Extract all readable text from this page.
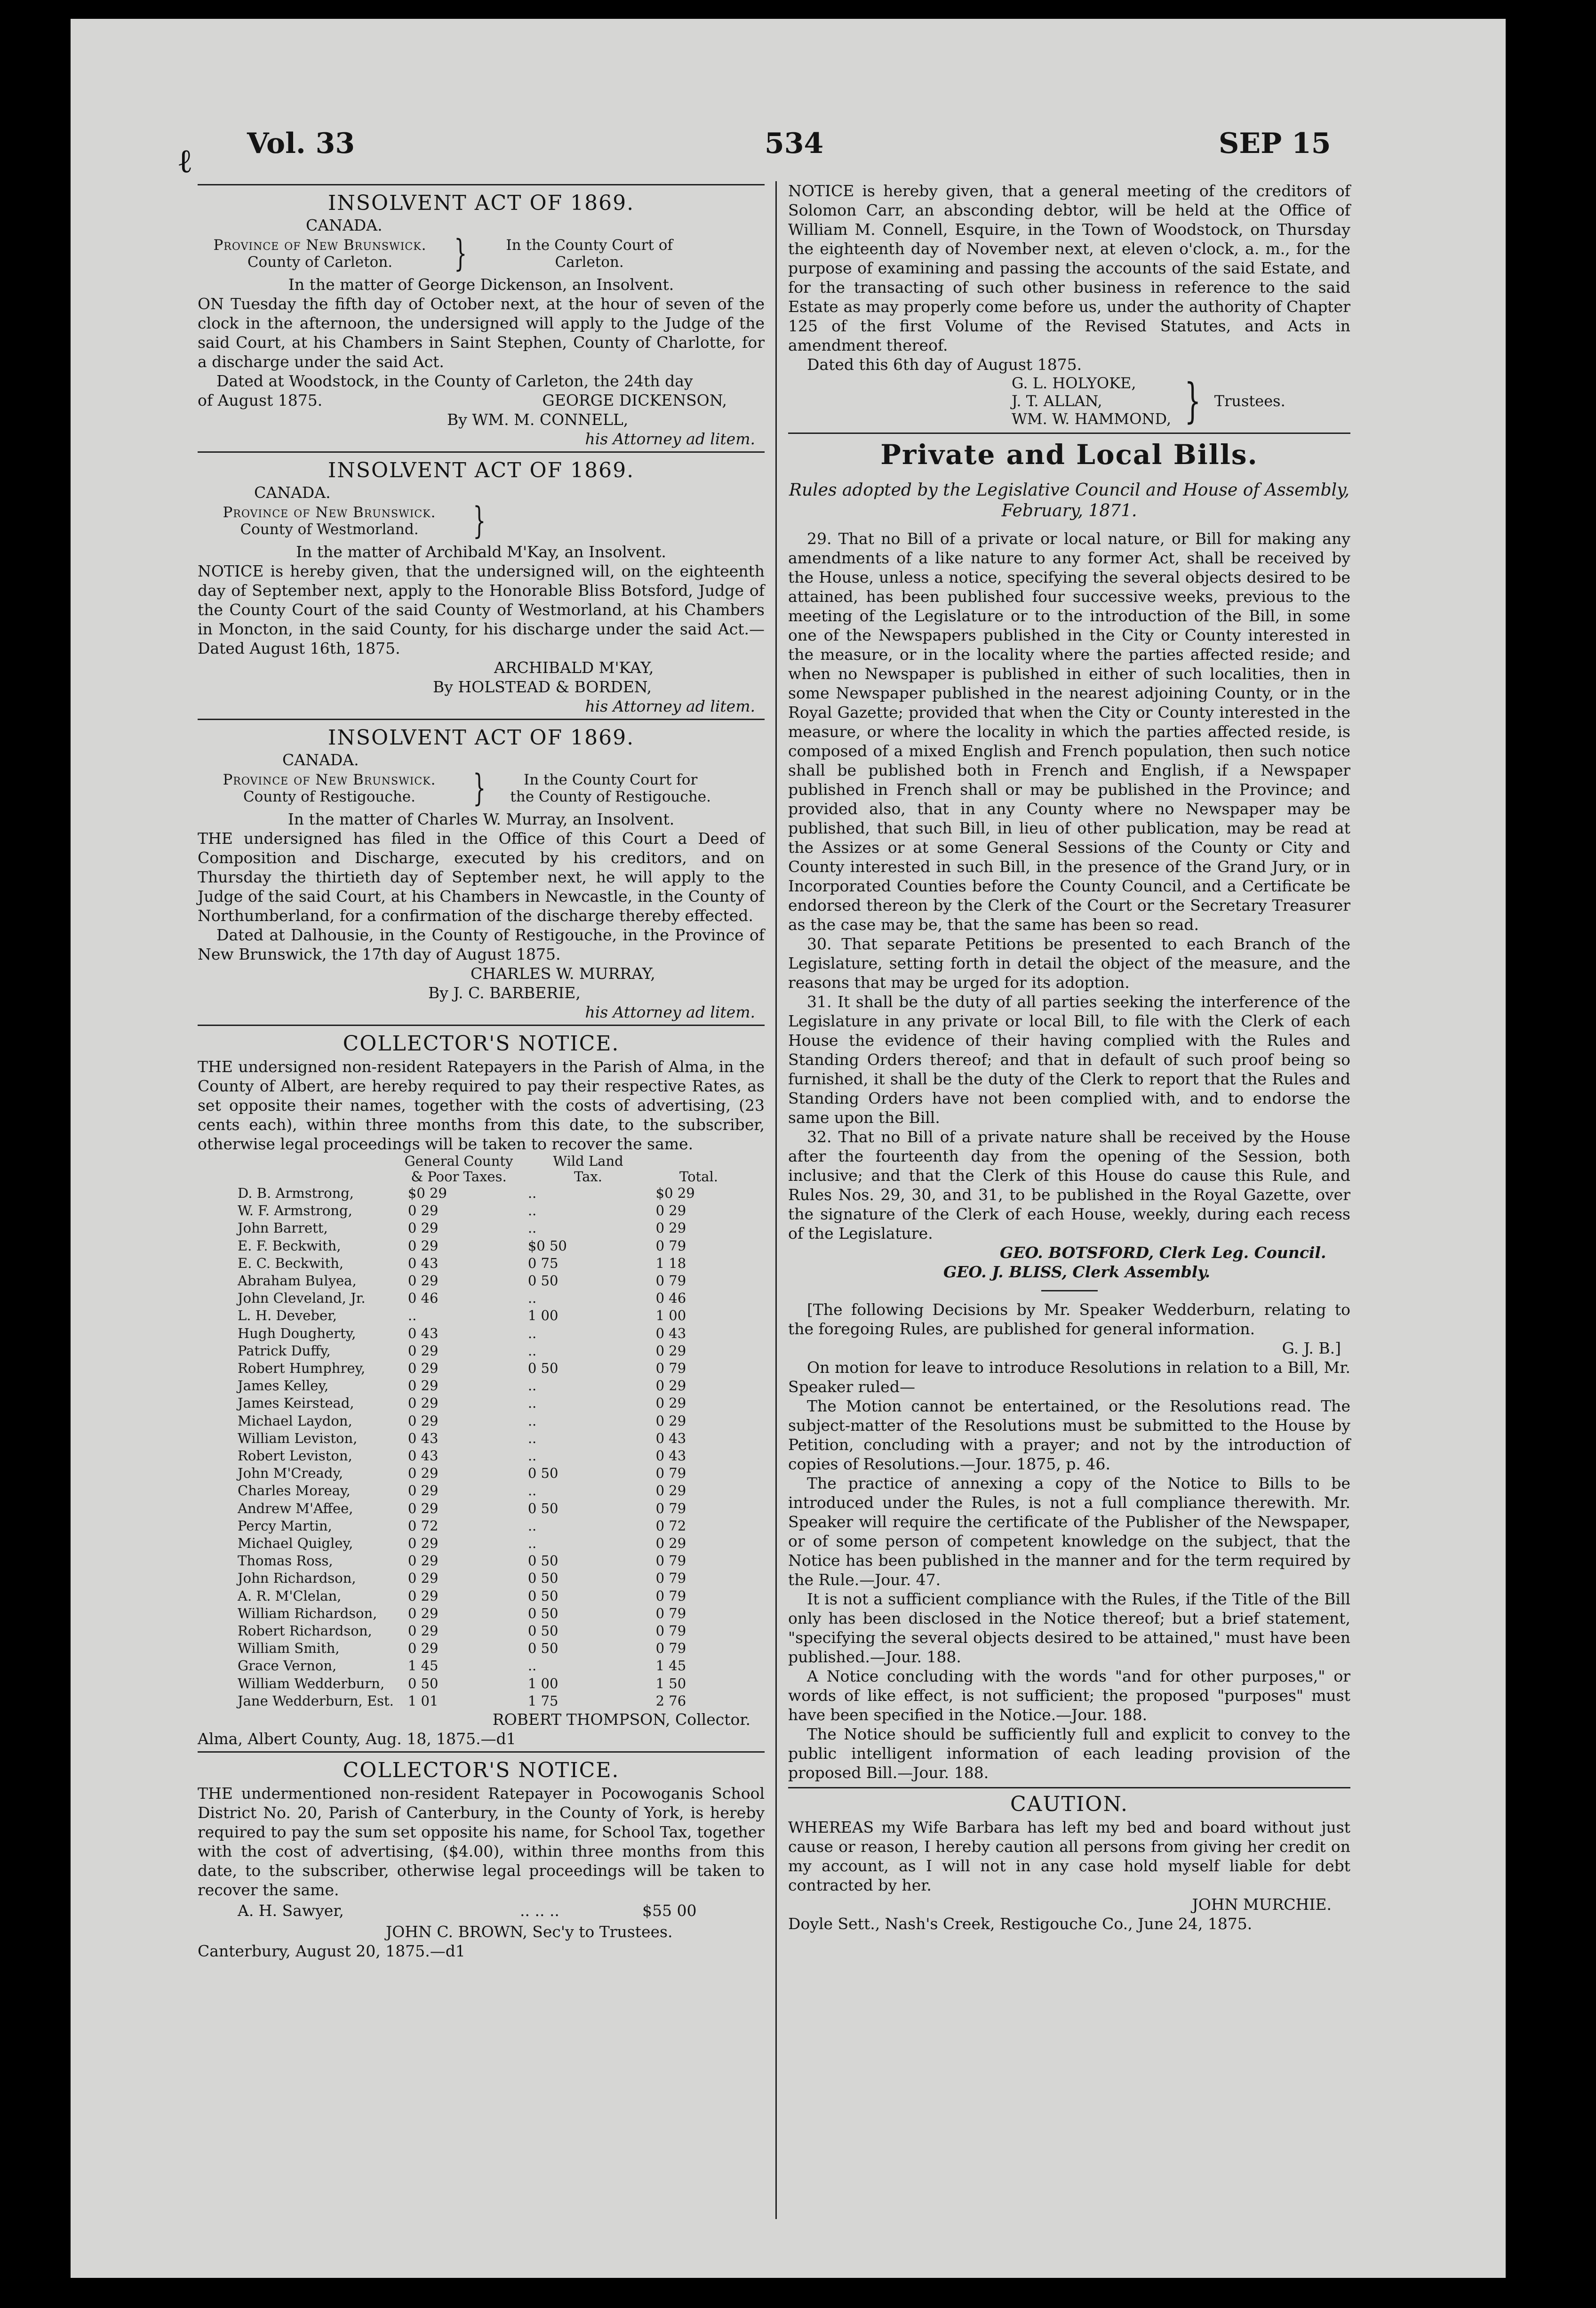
ℓ Vol. 33	534	SEP 15
INSOLVENT ACT OF 1869.
CANADA.
Province of New Brunswick.
County of Carleton.	}	In the County Court of
Carleton.

In the matter of George Dickenson, an Insolvent.

ON Tuesday the fifth day of October next, at the hour of seven of the clock in the afternoon, the undersigned will apply to the Judge of the said Court, at his Chambers in Saint Stephen, County of Charlotte, for a discharge under the said Act.

Dated at Woodstock, in the County of Carleton, the 24th day

of August 1875.	GEORGE DICKENSON,

By WM. M. CONNELL,

his Attorney ad litem.

INSOLVENT ACT OF 1869.
CANADA.
Province of New Brunswick.
County of Westmorland.	}

In the matter of Archibald M'Kay, an Insolvent.

NOTICE is hereby given, that the undersigned will, on the eighteenth day of September next, apply to the Honorable Bliss Botsford, Judge of the County Court of the said County of Westmorland, at his Chambers in Moncton, in the said County, for his discharge under the said Act.—Dated August 16th, 1875.

ARCHIBALD M'KAY,

By HOLSTEAD & BORDEN,

his Attorney ad litem.

INSOLVENT ACT OF 1869.
CANADA.
Province of New Brunswick.
County of Restigouche.	}	In the County Court for
the County of Restigouche.

In the matter of Charles W. Murray, an Insolvent.

THE undersigned has filed in the Office of this Court a Deed of Composition and Discharge, executed by his creditors, and on Thursday the thirtieth day of September next, he will apply to the Judge of the said Court, at his Chambers in Newcastle, in the County of Northumberland, for a confirmation of the discharge thereby effected.

Dated at Dalhousie, in the County of Restigouche, in the Province of New Brunswick, the 17th day of August 1875.

CHARLES W. MURRAY,

By J. C. BARBERIE,

his Attorney ad litem.

COLLECTOR'S NOTICE.

THE undersigned non-resident Ratepayers in the Parish of Alma, in the County of Albert, are hereby required to pay their respective Rates, as set opposite their names, together with the costs of advertising, (23 cents each), within three months from this date, to the subscriber, otherwise legal proceedings will be taken to recover the same.

General County
& Poor Taxes.
Wild Land
Tax.
	Total.
D. B. Armstrong,	$0 29	..	$0 29
W. F. Armstrong,	0 29	..	0 29
John Barrett,	0 29	..	0 29
E. F. Beckwith,	0 29	$0 50	0 79
E. C. Beckwith,	0 43	0 75	1 18
Abraham Bulyea,	0 29	0 50	0 79
John Cleveland, Jr.	0 46	..	0 46
L. H. Deveber,	..	1 00	1 00
Hugh Dougherty,	0 43	..	0 43
Patrick Duffy,	0 29	..	0 29
Robert Humphrey,	0 29	0 50	0 79
James Kelley,	0 29	..	0 29
James Keirstead,	0 29	..	0 29
Michael Laydon,	0 29	..	0 29
William Leviston,	0 43	..	0 43
Robert Leviston,	0 43	..	0 43
John M'Cready,	0 29	0 50	0 79
Charles Moreay,	0 29	..	0 29
Andrew M'Affee,	0 29	0 50	0 79
Percy Martin,	0 72	..	0 72
Michael Quigley,	0 29	..	0 29
Thomas Ross,	0 29	0 50	0 79
John Richardson,	0 29	0 50	0 79
A. R. M'Clelan,	0 29	0 50	0 79
William Richardson,	0 29	0 50	0 79
Robert Richardson,	0 29	0 50	0 79
William Smith,	0 29	0 50	0 79
Grace Vernon,	1 45	..	1 45
William Wedderburn,	0 50	1 00	1 50
Jane Wedderburn, Est.	1 01	1 75	2 76

ROBERT THOMPSON, Collector.

Alma, Albert County, Aug. 18, 1875.—d1

COLLECTOR'S NOTICE.

THE undermentioned non-resident Ratepayer in Pocowoganis School District No. 20, Parish of Canterbury, in the County of York, is hereby required to pay the sum set opposite his name, for School Tax, together with the cost of advertising, ($4.00), within three months from this date, to the subscriber, otherwise legal proceedings will be taken to recover the same.

A. H. Sawyer,	.. .. ..	$55 00

JOHN C. BROWN, Sec'y to Trustees.

Canterbury, August 20, 1875.—d1

NOTICE is hereby given, that a general meeting of the creditors of Solomon Carr, an absconding debtor, will be held at the Office of William M. Connell, Esquire, in the Town of Woodstock, on Thursday the eighteenth day of November next, at eleven o'clock, a. m., for the purpose of examining and passing the accounts of the said Estate, and for the transacting of such other business in reference to the said Estate as may properly come before us, under the authority of Chapter 125 of the first Volume of the Revised Statutes, and Acts in amendment thereof.

Dated this 6th day of August 1875.

G. L. HOLYOKE,
J. T. ALLAN,
WM. W. HAMMOND, } Trustees.
Private and Local Bills.
Rules adopted by the Legislative Council and House of Assembly, February, 1871.

29. That no Bill of a private or local nature, or Bill for making any amendments of a like nature to any former Act, shall be received by the House, unless a notice, specifying the several objects desired to be attained, has been published four successive weeks, previous to the meeting of the Legislature or to the introduction of the Bill, in some one of the Newspapers published in the City or County interested in the measure, or in the locality where the parties affected reside; and when no Newspaper is published in either of such localities, then in some Newspaper published in the nearest adjoining County, or in the Royal Gazette; provided that when the City or County interested in the measure, or where the locality in which the parties affected reside, is composed of a mixed English and French population, then such notice shall be published both in French and English, if a Newspaper published in French shall or may be published in the Province; and provided also, that in any County where no Newspaper may be published, that such Bill, in lieu of other publication, may be read at the Assizes or at some General Sessions of the County or City and County interested in such Bill, in the presence of the Grand Jury, or in Incorporated Counties before the County Council, and a Certificate be endorsed thereon by the Clerk of the Court or the Secretary Treasurer as the case may be, that the same has been so read.

30. That separate Petitions be presented to each Branch of the Legislature, setting forth in detail the object of the measure, and the reasons that may be urged for its adoption.

31. It shall be the duty of all parties seeking the interference of the Legislature in any private or local Bill, to file with the Clerk of each House the evidence of their having complied with the Rules and Standing Orders thereof; and that in default of such proof being so furnished, it shall be the duty of the Clerk to report that the Rules and Standing Orders have not been complied with, and to endorse the same upon the Bill.

32. That no Bill of a private nature shall be received by the House after the fourteenth day from the opening of the Session, both inclusive; and that the Clerk of this House do cause this Rule, and Rules Nos. 29, 30, and 31, to be published in the Royal Gazette, over the signature of the Clerk of each House, weekly, during each recess of the Legislature.

GEO. BOTSFORD, Clerk Leg. Council.

GEO. J. BLISS, Clerk Assembly.

[The following Decisions by Mr. Speaker Wedderburn, relating to the foregoing Rules, are published for general information.

G. J. B.]

On motion for leave to introduce Resolutions in relation to a Bill, Mr. Speaker ruled—

The Motion cannot be entertained, or the Resolutions read. The subject-matter of the Resolutions must be submitted to the House by Petition, concluding with a prayer; and not by the introduction of copies of Resolutions.—Jour. 1875, p. 46.

The practice of annexing a copy of the Notice to Bills to be introduced under the Rules, is not a full compliance therewith. Mr. Speaker will require the certificate of the Publisher of the Newspaper, or of some person of competent knowledge on the subject, that the Notice has been published in the manner and for the term required by the Rule.—Jour. 47.

It is not a sufficient compliance with the Rules, if the Title of the Bill only has been disclosed in the Notice thereof; but a brief statement, "specifying the several objects desired to be attained," must have been published.—Jour. 188.

A Notice concluding with the words "and for other purposes," or words of like effect, is not sufficient; the proposed "purposes" must have been specified in the Notice.—Jour. 188.

The Notice should be sufficiently full and explicit to convey to the public intelligent information of each leading provision of the proposed Bill.—Jour. 188.

CAUTION.

WHEREAS my Wife Barbara has left my bed and board without just cause or reason, I hereby caution all persons from giving her credit on my account, as I will not in any case hold myself liable for debt contracted by her.

JOHN MURCHIE.

Doyle Sett., Nash's Creek, Restigouche Co., June 24, 1875.
